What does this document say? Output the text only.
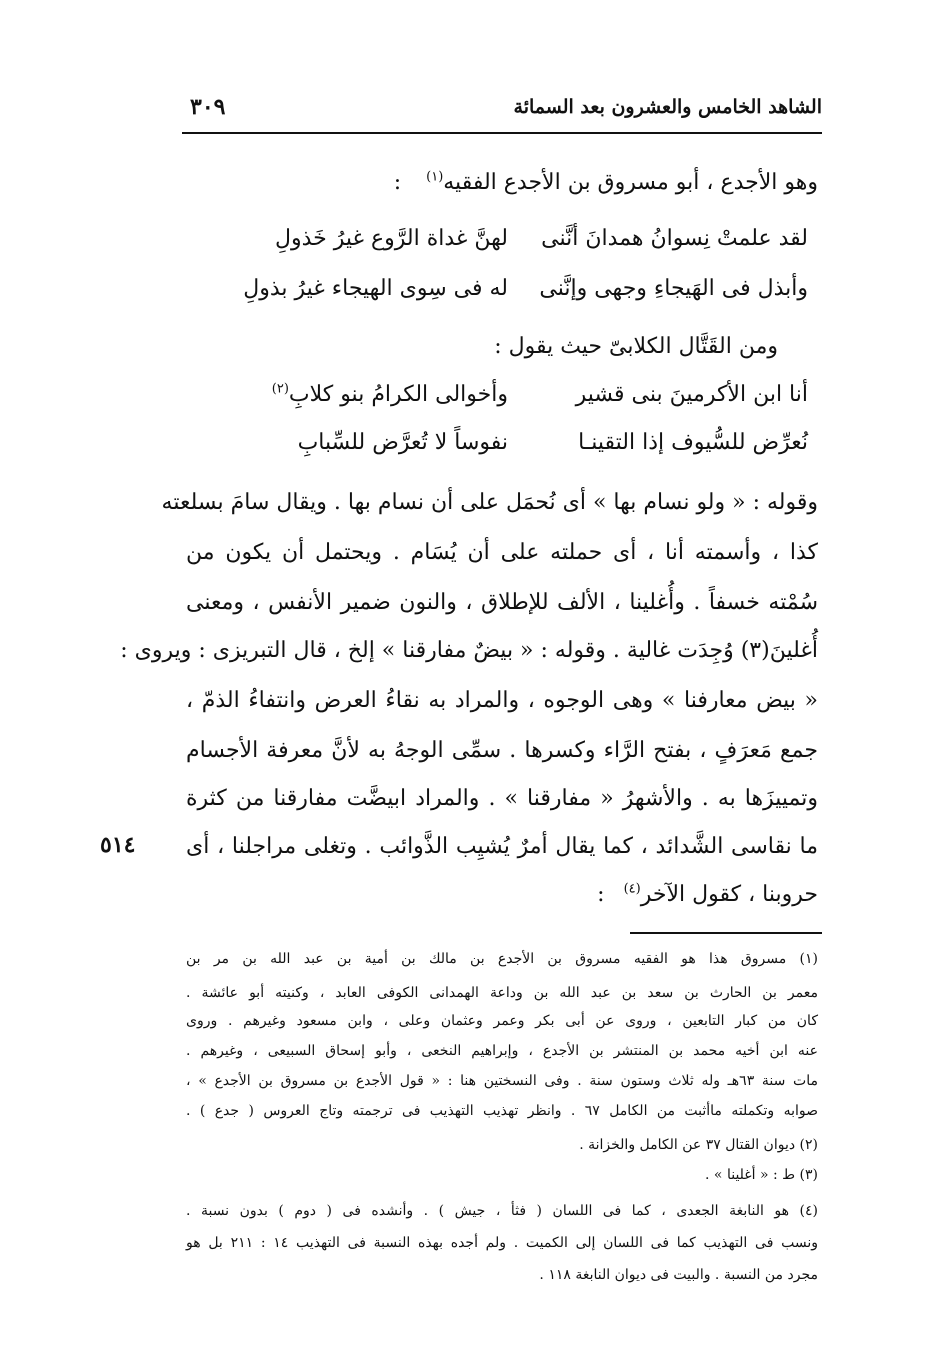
الشاهد الخامس والعشرون بعد السمائة
٣٠٩
وهو الأجدع ، أبو مسروق بن الأجدع الفقيه$^{(١)}$ :
لقد علمتْ نِسوانُ همدانَ أنَّنى
لهنَّ غداة الرَّوع غيرُ خَذولِ
وأبذل فى الهَيجاءِ وجهى وإنَّنى
له فى سِوى الهيجاء غيرُ بذولِ
ومن القَتَّال الكلابىّ حيث يقول :
أنا ابن الأكرمينَ بنى قشير
وأخوالى الكرامُ بنو كلابِ$^{(٢)}$
نُعرِّض للسُّيوف إذا التقينـا
نفوساً لا تُعرَّض للسِّبابِ
وقوله : « ولو نسام بها » أى نُحمَل على أن نسام بها . ويقال سامَ بسلعته
كذا ، وأسمته أنا ، أى حملته على أن يُسَام . ويحتمل أن يكون من
سُمْته خسفاً . وأُغلينا ، الألف للإطلاق ، والنون ضمير الأنفس ، ومعنى
أُغلينَ(٣) وُجِدَت غالية . وقوله : « بيضٌ مفارقنا » إلخ ، قال التبريزى : ويروى :
« بيض معارفنا » وهى الوجوه ، والمراد به نقاءُ العرض وانتفاءُ الذمّ ،
جمع مَعرَفٍ ، بفتح الرَّاء وكسرها . سمِّى الوجهُ به لأنَّ معرفة الأجسام
وتمييزَها به . والأشهرُ « مفارقنا » . والمراد ابيضَّت مفارقنا من كثرة
ما نقاسى الشَّدائد ، كما يقال أمرٌ يُشيِب الذَّوائب . وتغلى مراجلنا ، أى
حروبنا ، كقول الآخر$^{(٤)}$ :
٥١٤
(١) مسروق هذا هو الفقيه مسروق بن الأجدع بن مالك بن أمية بن عبد الله بن مر بن
معمر بن الحارث بن سعد بن عبد الله بن وداعة الهمدانى الكوفى العابد ، وكنيته أبو عائشة .
كان من كبار التابعين ، وروى عن أبى بكر وعمر وعثمان وعلى ، وابن مسعود وغيرهم . وروى
عنه ابن أخيه محمد بن المنتشر بن الأجدع ، وإبراهيم النخعى ، وأبو إسحاق السبيعى ، وغيرهم .
مات سنة ٦٣هـ وله ثلاث وستون سنة . وفى النسختين هنا : « قول الأجدع بن مسروق بن الأجدع » ،
صوابه وتكملته ماأثبت من الكامل ٦٧ . وانظر تهذيب التهذيب فى ترجمته وتاج العروس ( جدع ) .
(٢) ديوان القتال ٣٧ عن الكامل والخزانة .
(٣) ط : « أغلينا » .
(٤) هو النابغة الجعدى ، كما فى اللسان ( فثأ ، جيش ) . وأنشده فى ( دوم ) بدون نسبة .
ونسب فى التهذيب كما فى اللسان إلى الكميت . ولم أجده بهذه النسبة فى التهذيب ١٤ : ٢١١ بل هو
مجرد من النسبة . والبيت فى ديوان النابغة ١١٨ .
